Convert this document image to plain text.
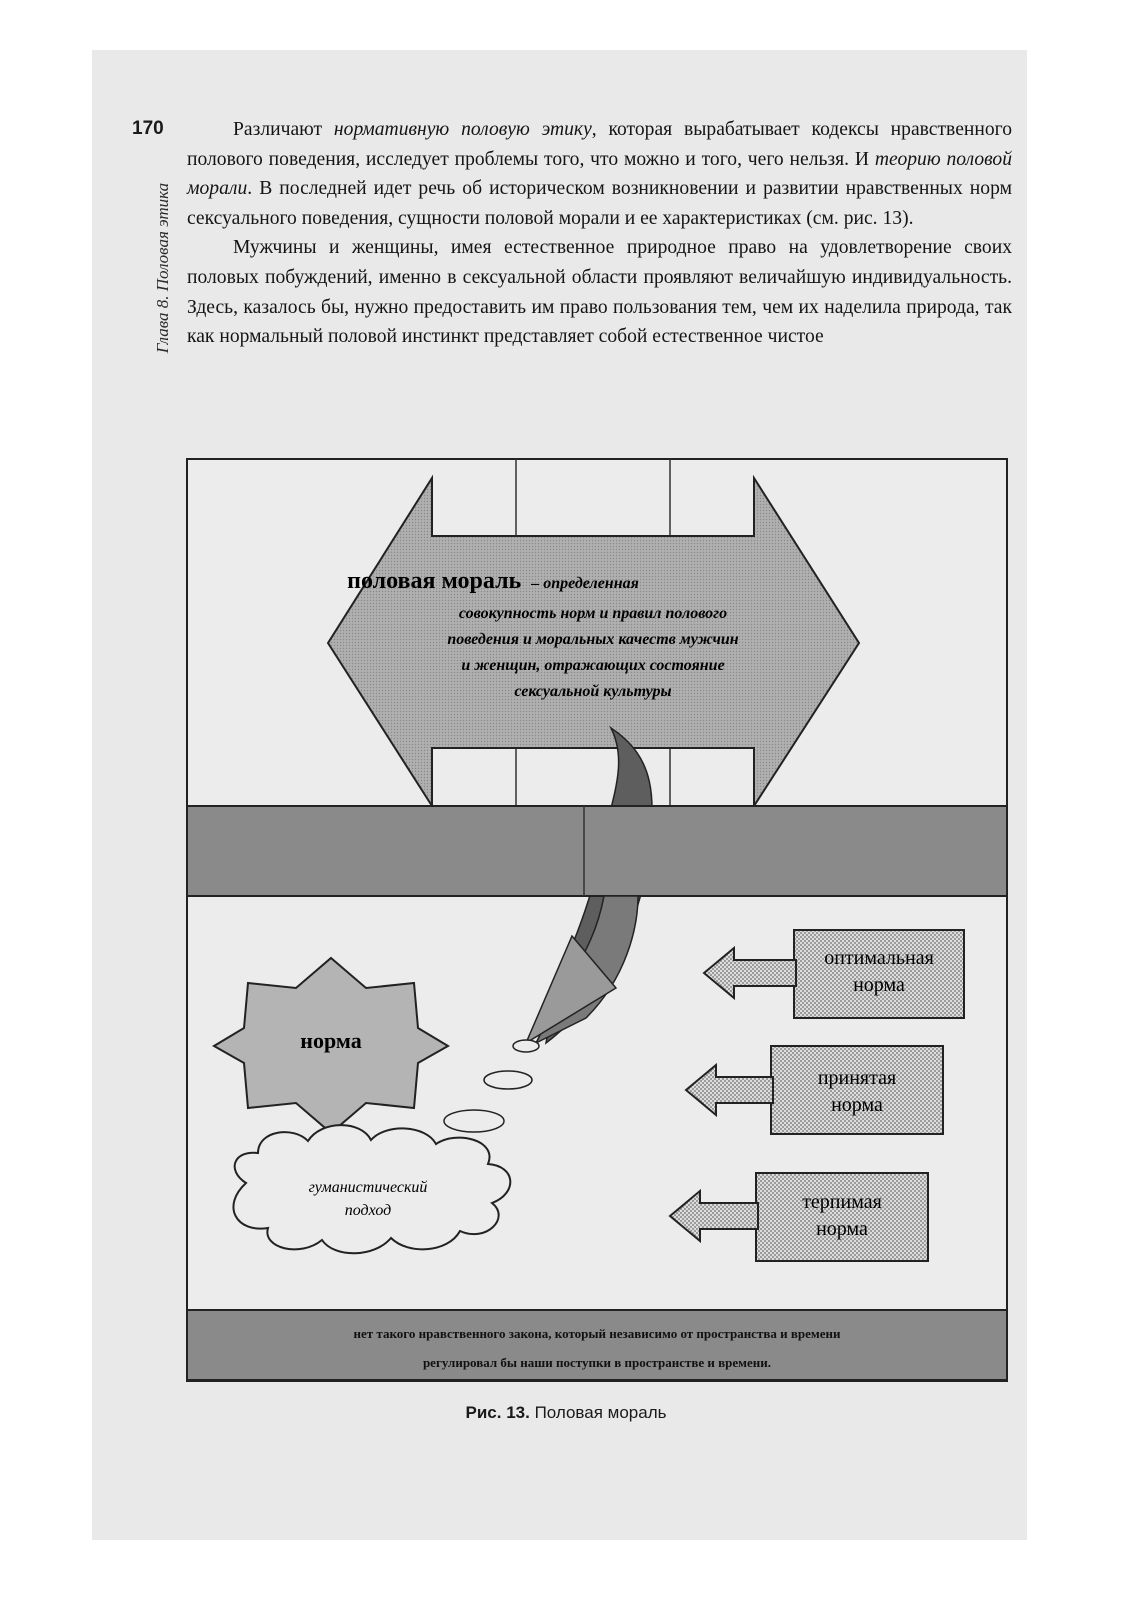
170
Глава 8. Половая этика

Различают нормативную половую этику, которая вырабатывает кодексы нравственного полового поведения, исследует проблемы того, что можно и того, чего нельзя. И теорию половой морали. В последней идет речь об историческом возникновении и развитии нравственных норм сексуального поведения, сущности половой морали и ее характеристиках (см. рис. 13).

Мужчины и женщины, имея естественное природное право на удовлетворение своих половых побуждений, именно в сексуальной области проявляют величайшую индивидуальность. Здесь, казалось бы, нужно предоставить им право пользования тем, чем их наделила природа, так как нормальный половой инстинкт представляет собой естественное чистое

половая мораль – определенная
совокупность норм и правил полового
поведения и моральных качеств мужчин
и женщин, отражающих состояние
сексуальной культуры
норма
гуманистический
подход
оптимальная
норма
принятая
норма
терпимая
норма
нет такого нравственного закона, который независимо от пространства и времени
регулировал бы наши поступки в пространстве и времени.
Рис. 13. Половая мораль
